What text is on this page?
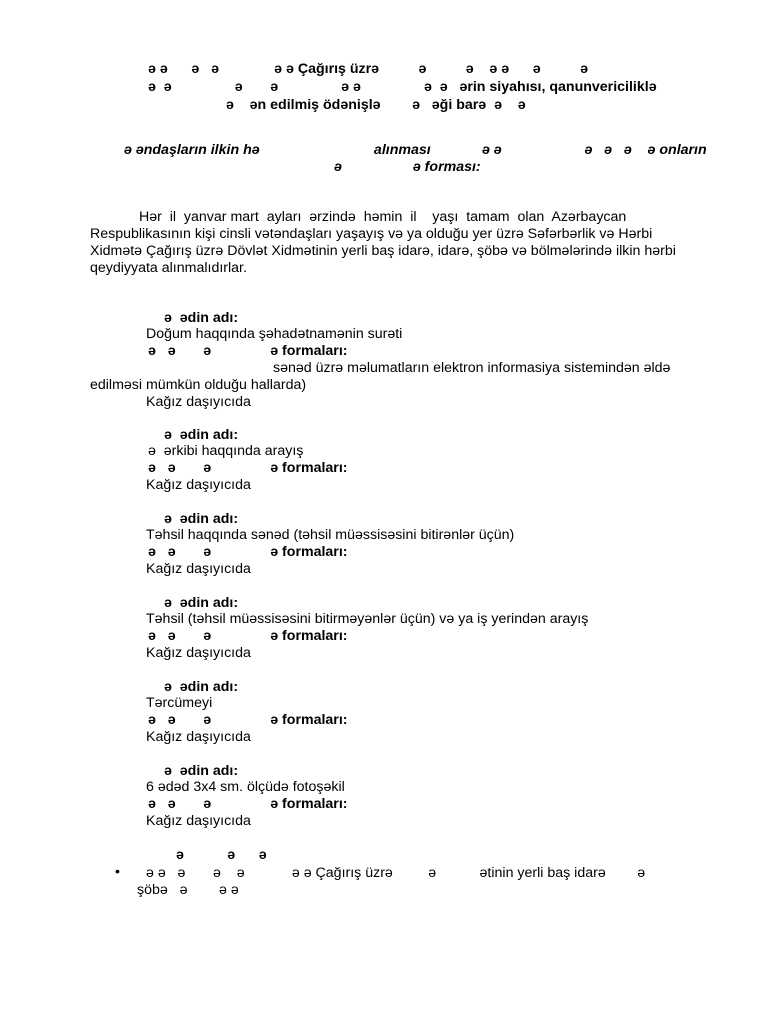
ə ə      ə   ə              ə ə Çağırış üzrə          ə          ə    ə ə      ə          ə
ə  ə                ə       ə                ə ə                ə  ə   ərin siyahısı, qanunvericiliklə
ə    ən edilmiş ödənişlə        ə   əği barə  ə    ə
ə əndaşların ilkin hə                             alınması             ə ə                     ə   ə   ə    ə onların
ə                  ə forması:
Hər  il  yanvar mart  ayları  ərzində  həmin  il    yaşı  tamam  olan  Azərbaycan
Respublikasının kişi cinsli vətəndaşları yaşayış və ya olduğu yer üzrə Səfərbərlik və Hərbi
Xidmətə Çağırış üzrə Dövlət Xidmətinin yerli baş idarə, idarə, şöbə və bölmələrində ilkin hərbi
qeydiyyata alınmalıdırlar.
ə  ədin adı:
Doğum haqqında şəhadətnamənin surəti
ə   ə       ə               ə formaları:
sənəd üzrə məlumatların elektron informasiya sistemindən əldə
edilməsi mümkün olduğu hallarda)
Kağız daşıyıcıda
ə  ədin adı:
ə  ərkibi haqqında arayış
ə   ə       ə               ə formaları:
Kağız daşıyıcıda
ə  ədin adı:
Təhsil haqqında sənəd (təhsil müəssisəsini bitirənlər üçün)
ə   ə       ə               ə formaları:
Kağız daşıyıcıda
ə  ədin adı:
Təhsil (təhsil müəssisəsini bitirməyənlər üçün) və ya iş yerindən arayış
ə   ə       ə               ə formaları:
Kağız daşıyıcıda
ə  ədin adı:
Tərcümeyi
ə   ə       ə               ə formaları:
Kağız daşıyıcıda
ə  ədin adı:
6 ədəd 3x4 sm. ölçüdə fotoşəkil
ə   ə       ə               ə formaları:
Kağız daşıyıcıda
ə           ə      ə
• ə ə   ə       ə    ə            ə ə Çağırış üzrə         ə           ətinin yerli baş idarə        ə
şöbə   ə        ə ə
